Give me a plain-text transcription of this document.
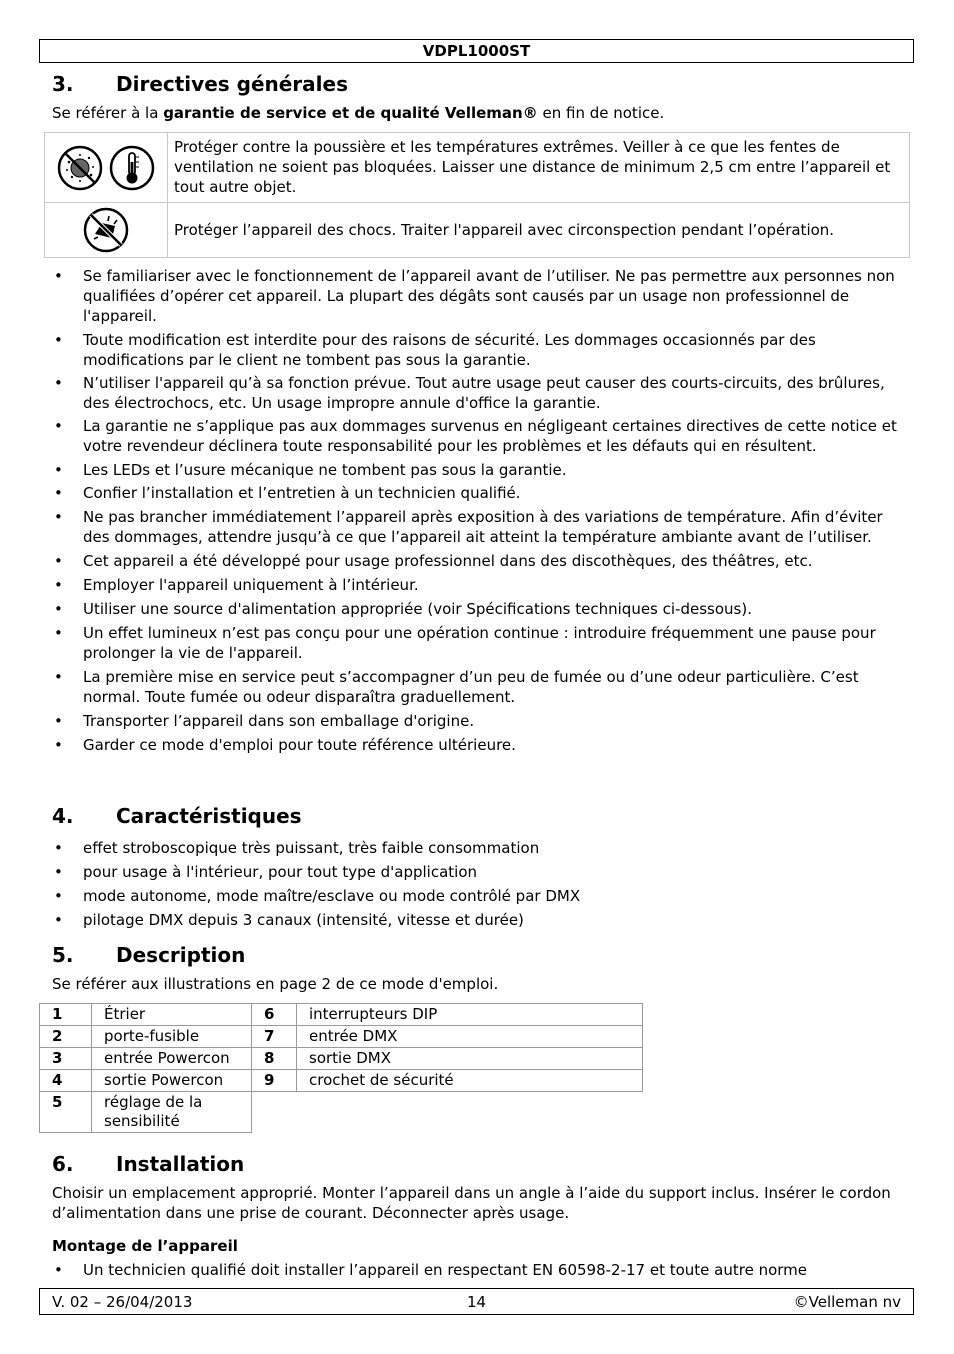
VDPL1000ST
3. Directives générales

Se référer à la garantie de service et de qualité Velleman® en fin de notice.

	Protéger contre la poussière et les températures extrêmes. Veiller à ce que les fentes de ventilation ne soient pas bloquées. Laisser une distance de minimum 2,5 cm entre l’appareil et tout autre objet.
	Protéger l’appareil des chocs. Traiter l'appareil avec circonspection pendant l’opération.
• Se familiariser avec le fonctionnement de l’appareil avant de l’utiliser. Ne pas permettre aux personnes non qualifiées d’opérer cet appareil. La plupart des dégâts sont causés par un usage non professionnel de l'appareil.
• Toute modification est interdite pour des raisons de sécurité. Les dommages occasionnés par des modifications par le client ne tombent pas sous la garantie.
• N’utiliser l'appareil qu’à sa fonction prévue. Tout autre usage peut causer des courts-circuits, des brûlures, des électrochocs, etc. Un usage impropre annule d'office la garantie.
• La garantie ne s’applique pas aux dommages survenus en négligeant certaines directives de cette notice et votre revendeur déclinera toute responsabilité pour les problèmes et les défauts qui en résultent.
• Les LEDs et l’usure mécanique ne tombent pas sous la garantie.
• Confier l’installation et l’entretien à un technicien qualifié.
• Ne pas brancher immédiatement l’appareil après exposition à des variations de température. Afin d’éviter des dommages, attendre jusqu’à ce que l’appareil ait atteint la température ambiante avant de l’utiliser.
• Cet appareil a été développé pour usage professionnel dans des discothèques, des théâtres, etc.
• Employer l'appareil uniquement à l’intérieur.
• Utiliser une source d'alimentation appropriée (voir Spécifications techniques ci-dessous).
• Un effet lumineux n’est pas conçu pour une opération continue : introduire fréquemment une pause pour prolonger la vie de l'appareil.
• La première mise en service peut s’accompagner d’un peu de fumée ou d’une odeur particulière. C’est normal. Toute fumée ou odeur disparaîtra graduellement.
• Transporter l’appareil dans son emballage d'origine.
• Garder ce mode d'emploi pour toute référence ultérieure.
4. Caractéristiques
• effet stroboscopique très puissant, très faible consommation
• pour usage à l'intérieur, pour tout type d'application
• mode autonome, mode maître/esclave ou mode contrôlé par DMX
• pilotage DMX depuis 3 canaux (intensité, vitesse et durée)
5. Description

Se référer aux illustrations en page 2 de ce mode d'emploi.

1	Étrier	6	interrupteurs DIP
2	porte-fusible	7	entrée DMX
3	entrée Powercon	8	sortie DMX
4	sortie Powercon	9	crochet de sécurité
5	réglage de la sensibilité		
6. Installation

Choisir un emplacement approprié. Monter l’appareil dans un angle à l’aide du support inclus. Insérer le cordon d’alimentation dans une prise de courant. Déconnecter après usage.

Montage de l’appareil
• Un technicien qualifié doit installer l’appareil en respectant EN 60598-2-17 et toute autre norme
V. 02 – 26/04/2013	14	©Velleman nv
